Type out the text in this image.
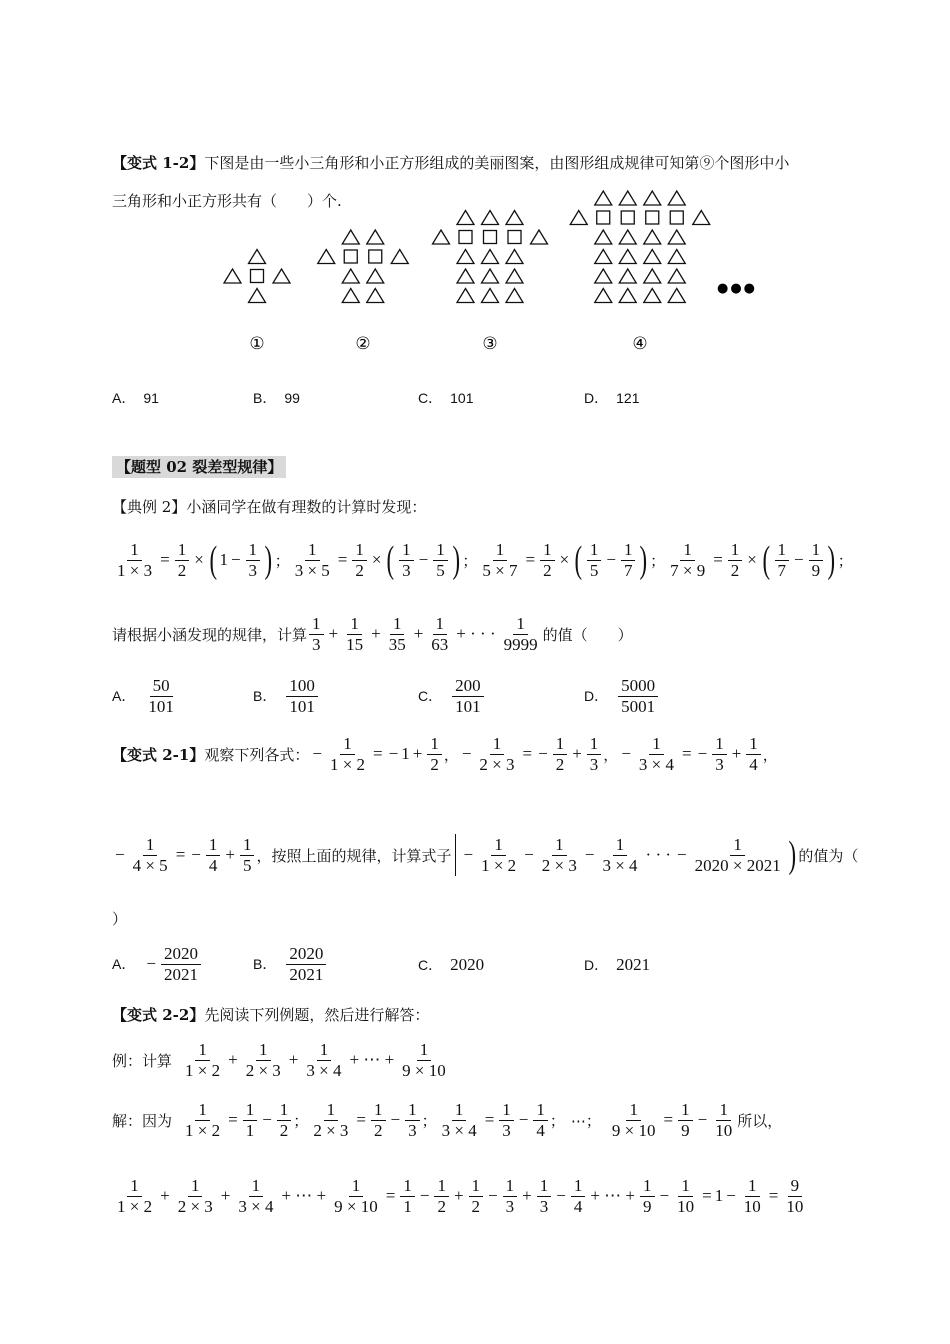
【变式 1-2】下图是由一些小三角形和小正方形组成的美丽图案，由图形组成规律可知第⑨个图形中小
三角形和小正方形共有（　　）个.
①	②	③	④
●●●
A． 91	B． 99	C． 101	D． 121
【题型 02 裂差型规律】
【典例 2】小涵同学在做有理数的计算时发现：
$\frac{1}{1 \times 3} = \frac{1}{2}$ × ( $1 - \frac{1}{3}$ ) ； $\frac{1}{3 \times 5} = \frac{1}{2}$ × ( $\frac{1}{3} - \frac{1}{5}$ ) ； $\frac{1}{5 \times 7} = \frac{1}{2}$ × ( $\frac{1}{5} - \frac{1}{7}$ ) ； $\frac{1}{7 \times 9} = \frac{1}{2}$ × ( $\frac{1}{7} - \frac{1}{9}$ ) ；
请根据小涵发现的规律，计算 $\frac{1}{3} + \frac{1}{15} + \frac{1}{35} + \frac{1}{63}$ + · · · $\frac{1}{9999}$ 的值（　　）
A． $\frac{50}{101}$	B． $\frac{100}{101}$	C． $\frac{200}{101}$	D． $\frac{5000}{5001}$
【变式 2-1】 观察下列各式： − $\frac{1}{1 \times 2}$ = − $1 + \frac{1}{2}$ ， − $\frac{1}{2 \times 3}$ = − $\frac{1}{2} + \frac{1}{3}$ ， − $\frac{1}{3 \times 4}$ = − $\frac{1}{3} + \frac{1}{4}$ ，
− $\frac{1}{4 \times 5}$ = − $\frac{1}{4} + \frac{1}{5}$ ，按照上面的规律，计算式子 − $\frac{1}{1 \times 2} - \frac{1}{2 \times 3} - \frac{1}{3 \times 4}$ · · · − $\frac{1}{2020 \times 2021}$ ) 的值为（
）
A． − $\frac{2020}{2021}$	B． $\frac{2020}{2021}$	C． 2020	D． 2021
【变式 2-2】先阅读下列例题，然后进行解答：
例：计算 $\frac{1}{1 \times 2} + \frac{1}{2 \times 3} + \frac{1}{3 \times 4}$ + ⋯ + $\frac{1}{9 \times 10}$
解：因为 $\frac{1}{1 \times 2} = \frac{1}{1} - \frac{1}{2}$ ； $\frac{1}{2 \times 3} = \frac{1}{2} - \frac{1}{3}$ ； $\frac{1}{3 \times 4} = \frac{1}{3} - \frac{1}{4}$ ； ⋯； $\frac{1}{9 \times 10} = \frac{1}{9} - \frac{1}{10}$ 所以，
$\frac{1}{1 \times 2} + \frac{1}{2 \times 3} + \frac{1}{3 \times 4}$ + ⋯ + $\frac{1}{9 \times 10} = \frac{1}{1} - \frac{1}{2} + \frac{1}{2} - \frac{1}{3} + \frac{1}{3} - \frac{1}{4}$ + ⋯ + $\frac{1}{9} - \frac{1}{10} = 1 - \frac{1}{10} = \frac{9}{10}$
